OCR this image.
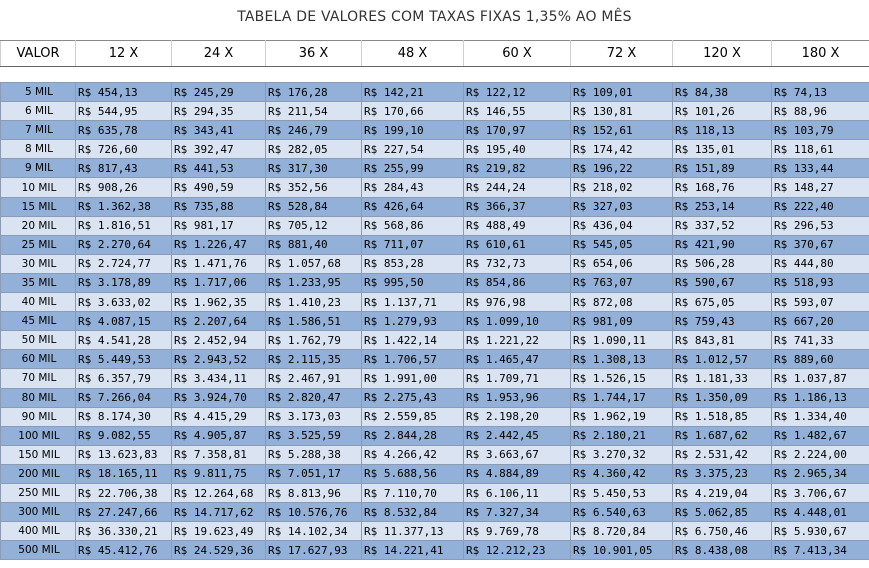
TABELA DE VALORES COM TAXAS FIXAS 1,35% AO MÊS
VALOR	12 X	24 X	36 X	48 X	60 X	72 X	120 X	180 X

5 MIL	R$ 454,13	R$ 245,29	R$ 176,28	R$ 142,21	R$ 122,12	R$ 109,01	R$ 84,38	R$ 74,13
6 MIL	R$ 544,95	R$ 294,35	R$ 211,54	R$ 170,66	R$ 146,55	R$ 130,81	R$ 101,26	R$ 88,96
7 MIL	R$ 635,78	R$ 343,41	R$ 246,79	R$ 199,10	R$ 170,97	R$ 152,61	R$ 118,13	R$ 103,79
8 MIL	R$ 726,60	R$ 392,47	R$ 282,05	R$ 227,54	R$ 195,40	R$ 174,42	R$ 135,01	R$ 118,61
9 MIL	R$ 817,43	R$ 441,53	R$ 317,30	R$ 255,99	R$ 219,82	R$ 196,22	R$ 151,89	R$ 133,44
10 MIL	R$ 908,26	R$ 490,59	R$ 352,56	R$ 284,43	R$ 244,24	R$ 218,02	R$ 168,76	R$ 148,27
15 MIL	R$ 1.362,38	R$ 735,88	R$ 528,84	R$ 426,64	R$ 366,37	R$ 327,03	R$ 253,14	R$ 222,40
20 MIL	R$ 1.816,51	R$ 981,17	R$ 705,12	R$ 568,86	R$ 488,49	R$ 436,04	R$ 337,52	R$ 296,53
25 MIL	R$ 2.270,64	R$ 1.226,47	R$ 881,40	R$ 711,07	R$ 610,61	R$ 545,05	R$ 421,90	R$ 370,67
30 MIL	R$ 2.724,77	R$ 1.471,76	R$ 1.057,68	R$ 853,28	R$ 732,73	R$ 654,06	R$ 506,28	R$ 444,80
35 MIL	R$ 3.178,89	R$ 1.717,06	R$ 1.233,95	R$ 995,50	R$ 854,86	R$ 763,07	R$ 590,67	R$ 518,93
40 MIL	R$ 3.633,02	R$ 1.962,35	R$ 1.410,23	R$ 1.137,71	R$ 976,98	R$ 872,08	R$ 675,05	R$ 593,07
45 MIL	R$ 4.087,15	R$ 2.207,64	R$ 1.586,51	R$ 1.279,93	R$ 1.099,10	R$ 981,09	R$ 759,43	R$ 667,20
50 MIL	R$ 4.541,28	R$ 2.452,94	R$ 1.762,79	R$ 1.422,14	R$ 1.221,22	R$ 1.090,11	R$ 843,81	R$ 741,33
60 MIL	R$ 5.449,53	R$ 2.943,52	R$ 2.115,35	R$ 1.706,57	R$ 1.465,47	R$ 1.308,13	R$ 1.012,57	R$ 889,60
70 MIL	R$ 6.357,79	R$ 3.434,11	R$ 2.467,91	R$ 1.991,00	R$ 1.709,71	R$ 1.526,15	R$ 1.181,33	R$ 1.037,87
80 MIL	R$ 7.266,04	R$ 3.924,70	R$ 2.820,47	R$ 2.275,43	R$ 1.953,96	R$ 1.744,17	R$ 1.350,09	R$ 1.186,13
90 MIL	R$ 8.174,30	R$ 4.415,29	R$ 3.173,03	R$ 2.559,85	R$ 2.198,20	R$ 1.962,19	R$ 1.518,85	R$ 1.334,40
100 MIL	R$ 9.082,55	R$ 4.905,87	R$ 3.525,59	R$ 2.844,28	R$ 2.442,45	R$ 2.180,21	R$ 1.687,62	R$ 1.482,67
150 MIL	R$ 13.623,83	R$ 7.358,81	R$ 5.288,38	R$ 4.266,42	R$ 3.663,67	R$ 3.270,32	R$ 2.531,42	R$ 2.224,00
200 MIL	R$ 18.165,11	R$ 9.811,75	R$ 7.051,17	R$ 5.688,56	R$ 4.884,89	R$ 4.360,42	R$ 3.375,23	R$ 2.965,34
250 MIL	R$ 22.706,38	R$ 12.264,68	R$ 8.813,96	R$ 7.110,70	R$ 6.106,11	R$ 5.450,53	R$ 4.219,04	R$ 3.706,67
300 MIL	R$ 27.247,66	R$ 14.717,62	R$ 10.576,76	R$ 8.532,84	R$ 7.327,34	R$ 6.540,63	R$ 5.062,85	R$ 4.448,01
400 MIL	R$ 36.330,21	R$ 19.623,49	R$ 14.102,34	R$ 11.377,13	R$ 9.769,78	R$ 8.720,84	R$ 6.750,46	R$ 5.930,67
500 MIL	R$ 45.412,76	R$ 24.529,36	R$ 17.627,93	R$ 14.221,41	R$ 12.212,23	R$ 10.901,05	R$ 8.438,08	R$ 7.413,34
